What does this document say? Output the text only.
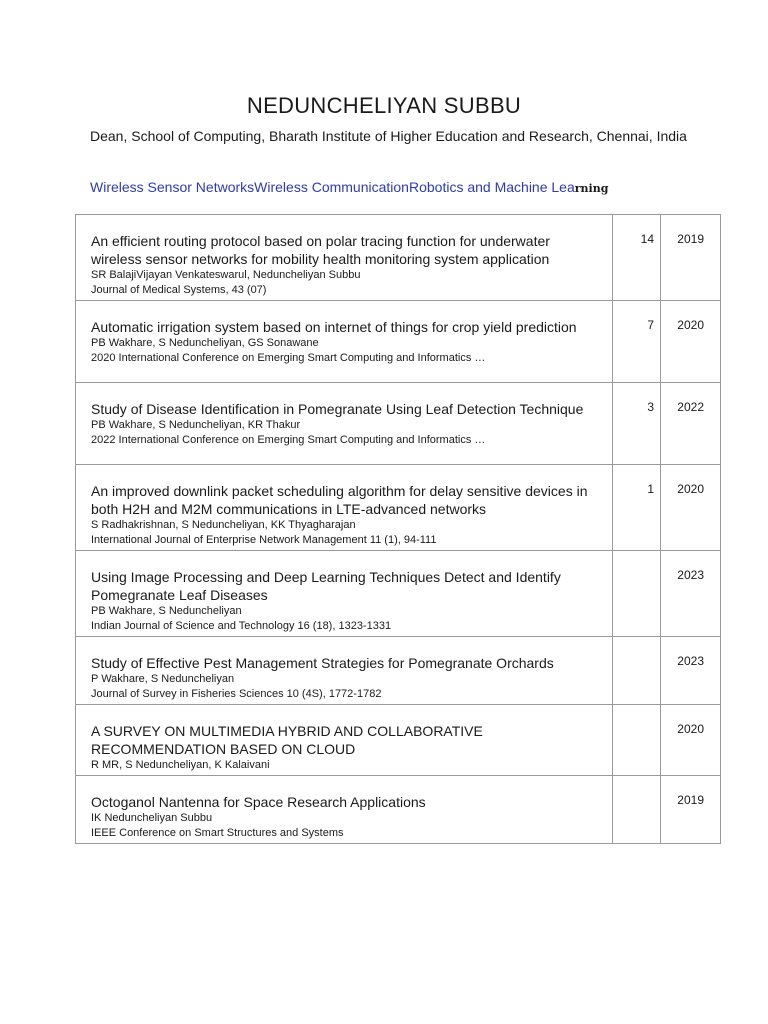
NEDUNCHELIYAN SUBBU
Dean, School of Computing, Bharath Institute of Higher Education and Research, Chennai, India
Wireless Sensor NetworksWireless CommunicationRobotics and Machine Learning
An efficient routing protocol based on polar tracing function for underwater wireless sensor networks for mobility health monitoring system application
SR BalajiVijayan Venkateswarul, Neduncheliyan Subbu
Journal of Medical Systems, 43 (07)	14	2019

Automatic irrigation system based on internet of things for crop yield prediction
PB Wakhare, S Neduncheliyan, GS Sonawane
2020 International Conference on Emerging Smart Computing and Informatics …	7	2020

Study of Disease Identification in Pomegranate Using Leaf Detection Technique
PB Wakhare, S Neduncheliyan, KR Thakur
2022 International Conference on Emerging Smart Computing and Informatics …	3	2022

An improved downlink packet scheduling algorithm for delay sensitive devices in both H2H and M2M communications in LTE-advanced networks
S Radhakrishnan, S Neduncheliyan, KK Thyagharajan
International Journal of Enterprise Network Management 11 (1), 94-111	1	2020

Using Image Processing and Deep Learning Techniques Detect and Identify Pomegranate Leaf Diseases
PB Wakhare, S Neduncheliyan
Indian Journal of Science and Technology 16 (18), 1323-1331		2023

Study of Effective Pest Management Strategies for Pomegranate Orchards
P Wakhare, S Neduncheliyan
Journal of Survey in Fisheries Sciences 10 (4S), 1772-1782		2023

A SURVEY ON MULTIMEDIA HYBRID AND COLLABORATIVE RECOMMENDATION BASED ON CLOUD
R MR, S Neduncheliyan, K Kalaivani		2020

Octoganol Nantenna for Space Research Applications
IK Neduncheliyan Subbu
IEEE Conference on Smart Structures and Systems		2019
